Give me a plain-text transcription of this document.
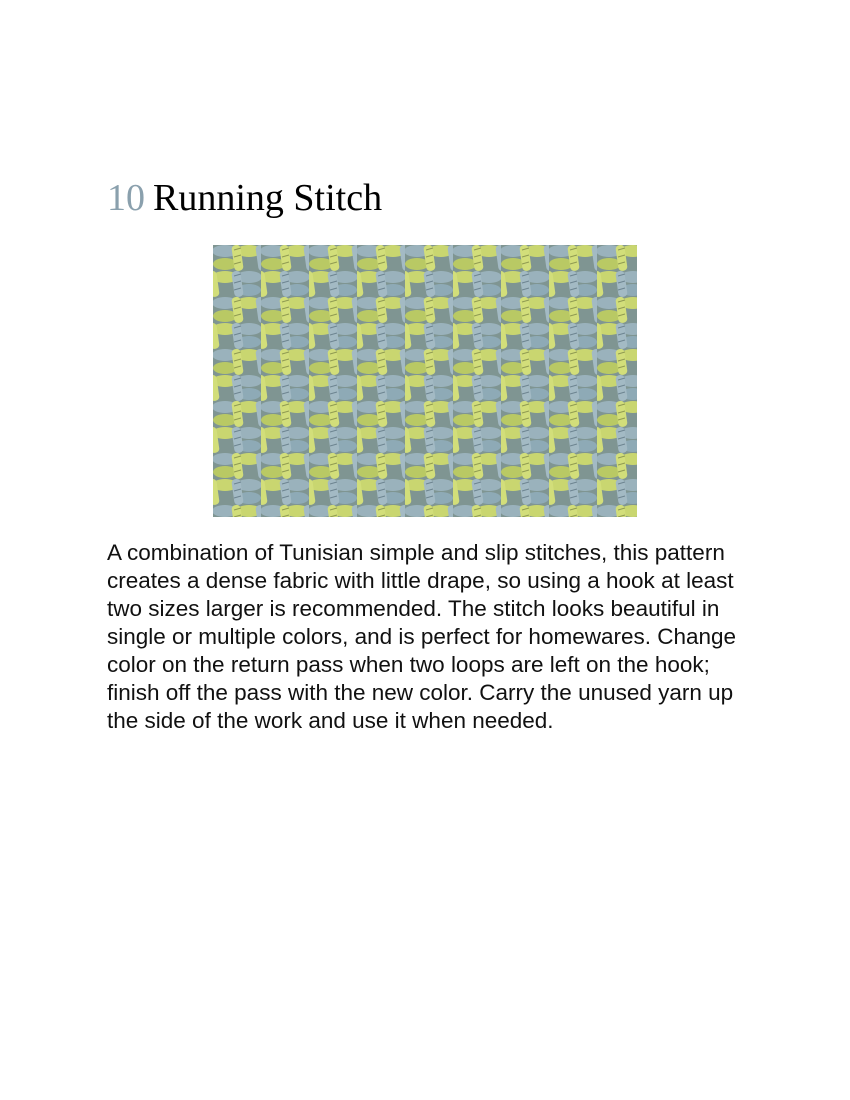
10 Running Stitch
A combination of Tunisian simple and slip stitches, this pattern creates a dense fabric with little drape, so using a hook at least two sizes larger is recommended. The stitch looks beautiful in single or multiple colors, and is perfect for homewares. Change color on the return pass when two loops are left on the hook; finish off the pass with the new color. Carry the unused yarn up the side of the work and use it when needed.
